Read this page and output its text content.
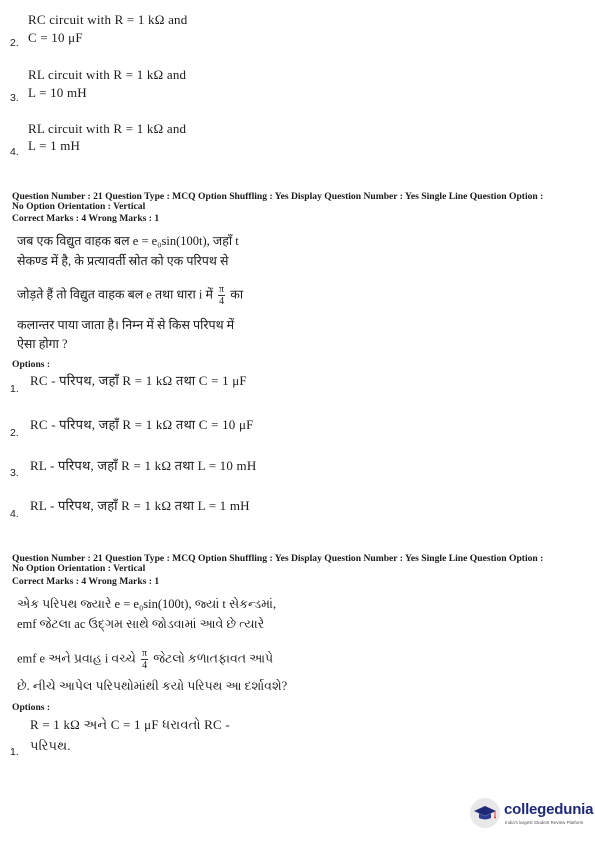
RC circuit with R = 1 kΩ and
2. C = 10 μF
RL circuit with R = 1 kΩ and
3. L = 10 mH
RL circuit with R = 1 kΩ and
4. L = 1 mH
Question Number : 21 Question Type : MCQ Option Shuffling : Yes Display Question Number : Yes Single Line Question Option :
No Option Orientation : Vertical
Correct Marks : 4 Wrong Marks : 1
जब एक विद्युत वाहक बल e = e₀sin(100t), जहाँ t
सेकण्ड में है, के प्रत्यावर्ती स्रोत को एक परिपथ से
जोड़ते हैं तो विद्युत वाहक बल e तथा धारा i में $\frac{\pi}{4}$ का
कलान्तर पाया जाता है। निम्न में से किस परिपथ में
ऐसा होगा ?
Options :
1.
RC - परिपथ, जहाँ R = 1 kΩ तथा C = 1 μF
2.
RC - परिपथ, जहाँ R = 1 kΩ तथा C = 10 μF
3. RL - परिपथ, जहाँ R = 1 kΩ तथा L = 10 mH
4.
RL - परिपथ, जहाँ R = 1 kΩ तथा L = 1 mH
Question Number : 21 Question Type : MCQ Option Shuffling : Yes Display Question Number : Yes Single Line Question Option :
No Option Orientation : Vertical
Correct Marks : 4 Wrong Marks : 1
એક પરિપથ જ્યારે e = e₀sin(100t), જ્યાં t સેકન્ડમાં,
emf જેટલા ac ઉદ્ગમ સાથે જોડવામાં આવે છે ત્યારે
emf e અને પ્રવાહ i વચ્ચે $\frac{\pi}{4}$ જેટલો કળાતફાવત આપે
છે. નીચે આપેલ પરિપથોમાંથી કયો પરિપથ આ દર્શાવશે?
Options :
R = 1 kΩ અને C = 1 μF ધરાવતો RC -
1. પરિપથ.
collegedunia
India's largest Student Review Platform
